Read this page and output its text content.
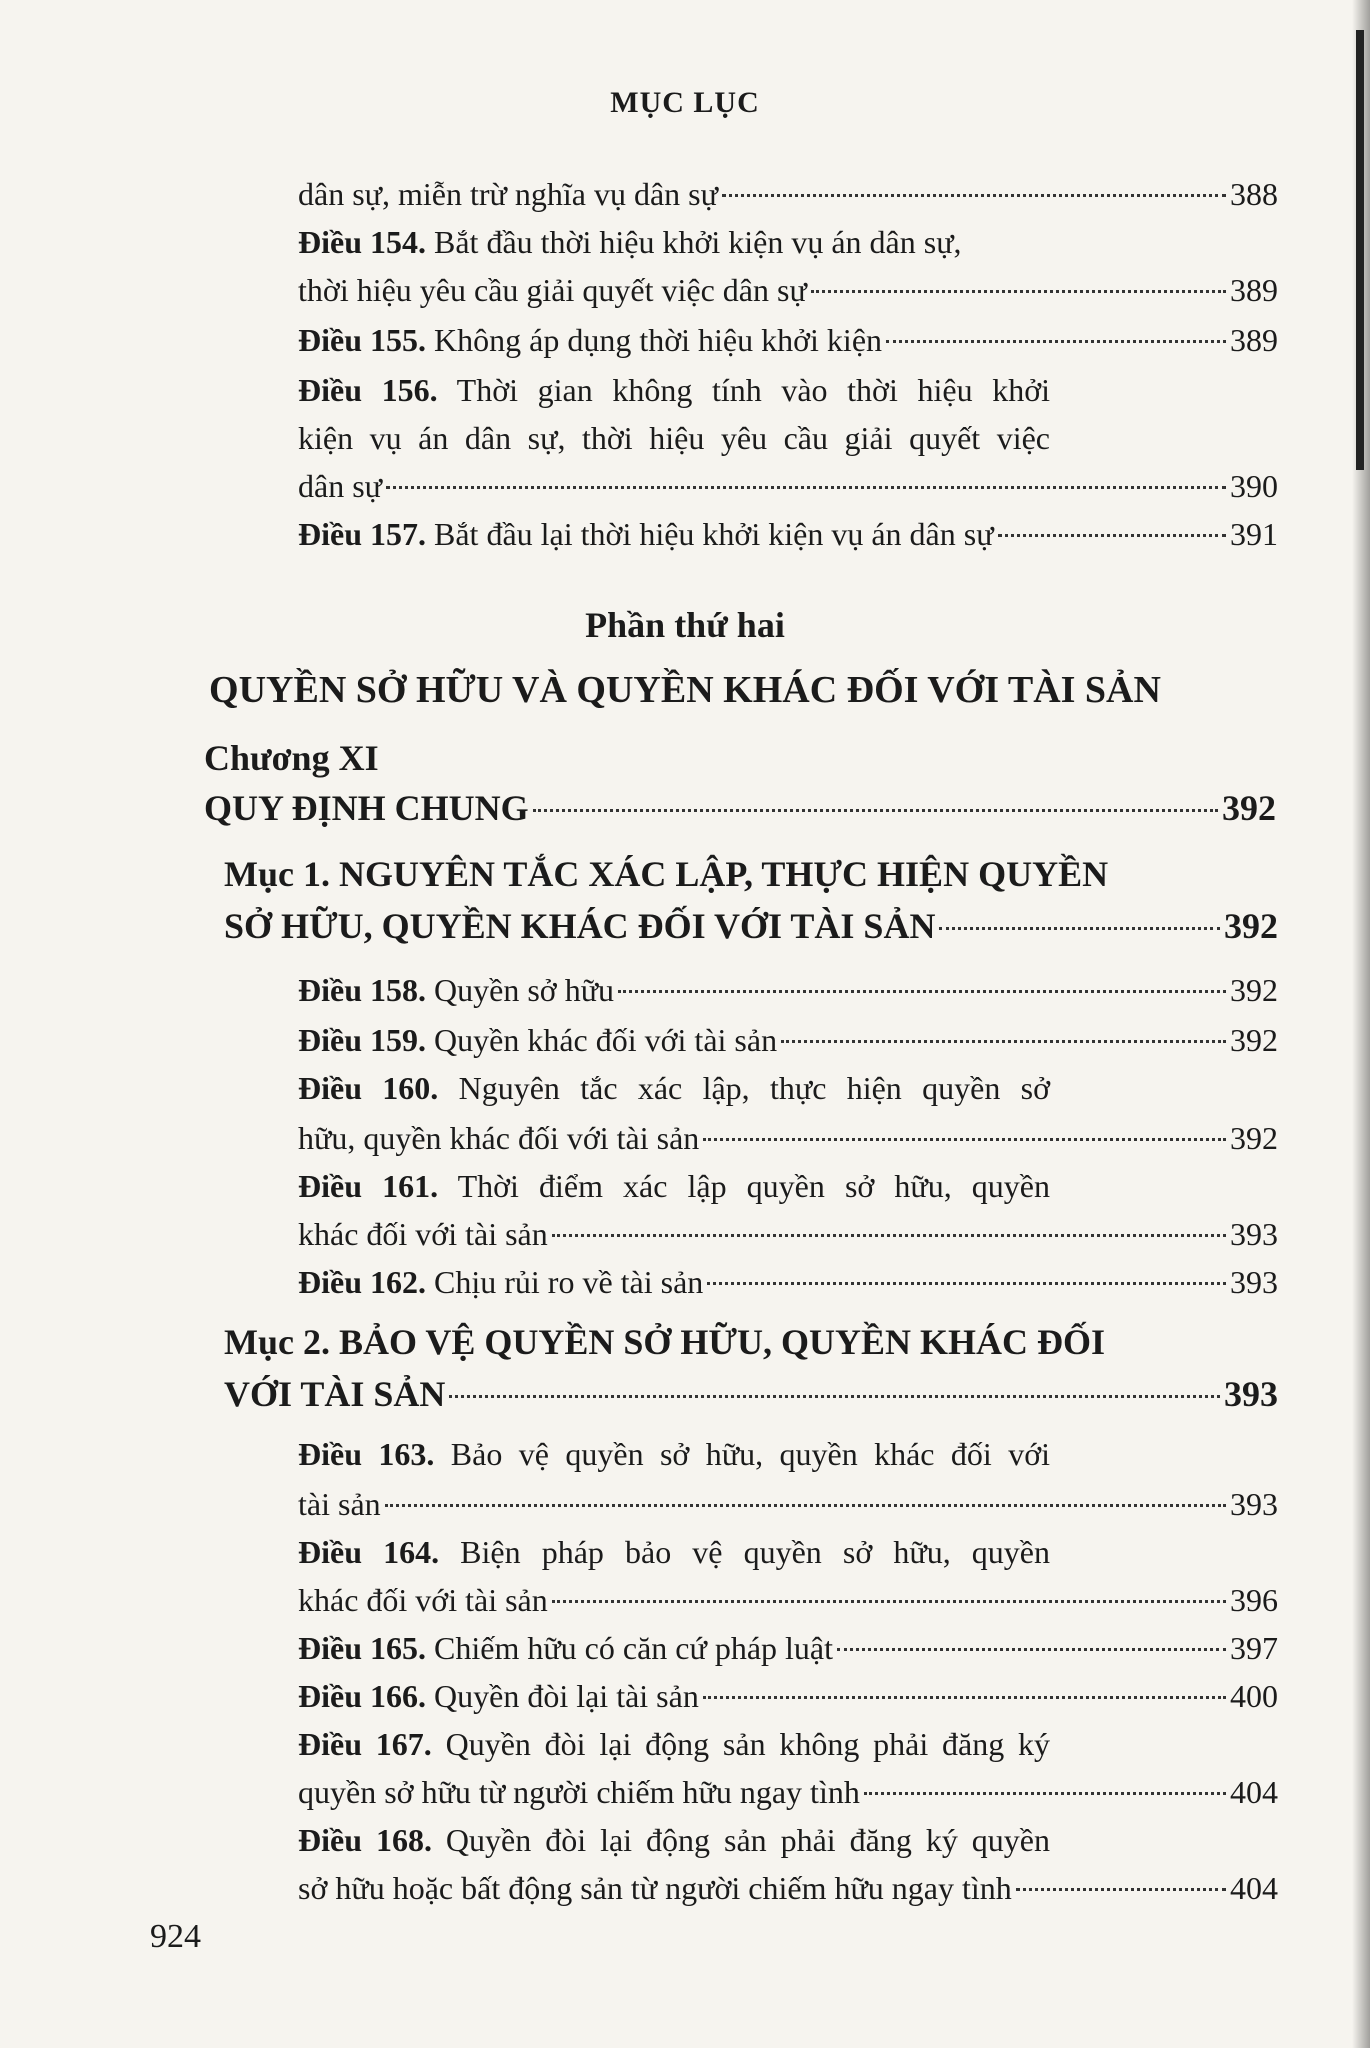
MỤC LỤC
dân sự, miễn trừ nghĩa vụ dân sự	388
Điều 154. Bắt đầu thời hiệu khởi kiện vụ án dân sự,
thời hiệu yêu cầu giải quyết việc dân sự	389
Điều 155. Không áp dụng thời hiệu khởi kiện	389
Điều 156. Thời gian không tính vào thời hiệu khởi
kiện vụ án dân sự, thời hiệu yêu cầu giải quyết việc
dân sự	390
Điều 157. Bắt đầu lại thời hiệu khởi kiện vụ án dân sự	391
Phần thứ hai
QUYỀN SỞ HỮU VÀ QUYỀN KHÁC ĐỐI VỚI TÀI SẢN
Chương XI
QUY ĐỊNH CHUNG	392
Mục 1. NGUYÊN TẮC XÁC LẬP, THỰC HIỆN QUYỀN
SỞ HỮU, QUYỀN KHÁC ĐỐI VỚI TÀI SẢN	392
Điều 158. Quyền sở hữu	392
Điều 159. Quyền khác đối với tài sản	392
Điều 160. Nguyên tắc xác lập, thực hiện quyền sở
hữu, quyền khác đối với tài sản	392
Điều 161. Thời điểm xác lập quyền sở hữu, quyền
khác đối với tài sản	393
Điều 162. Chịu rủi ro về tài sản	393
Mục 2. BẢO VỆ QUYỀN SỞ HỮU, QUYỀN KHÁC ĐỐI
VỚI TÀI SẢN	393
Điều 163. Bảo vệ quyền sở hữu, quyền khác đối với
tài sản	393
Điều 164. Biện pháp bảo vệ quyền sở hữu, quyền
khác đối với tài sản	396
Điều 165. Chiếm hữu có căn cứ pháp luật	397
Điều 166. Quyền đòi lại tài sản	400
Điều 167. Quyền đòi lại động sản không phải đăng ký
quyền sở hữu từ người chiếm hữu ngay tình	404
Điều 168. Quyền đòi lại động sản phải đăng ký quyền
sở hữu hoặc bất động sản từ người chiếm hữu ngay tình	404
924
